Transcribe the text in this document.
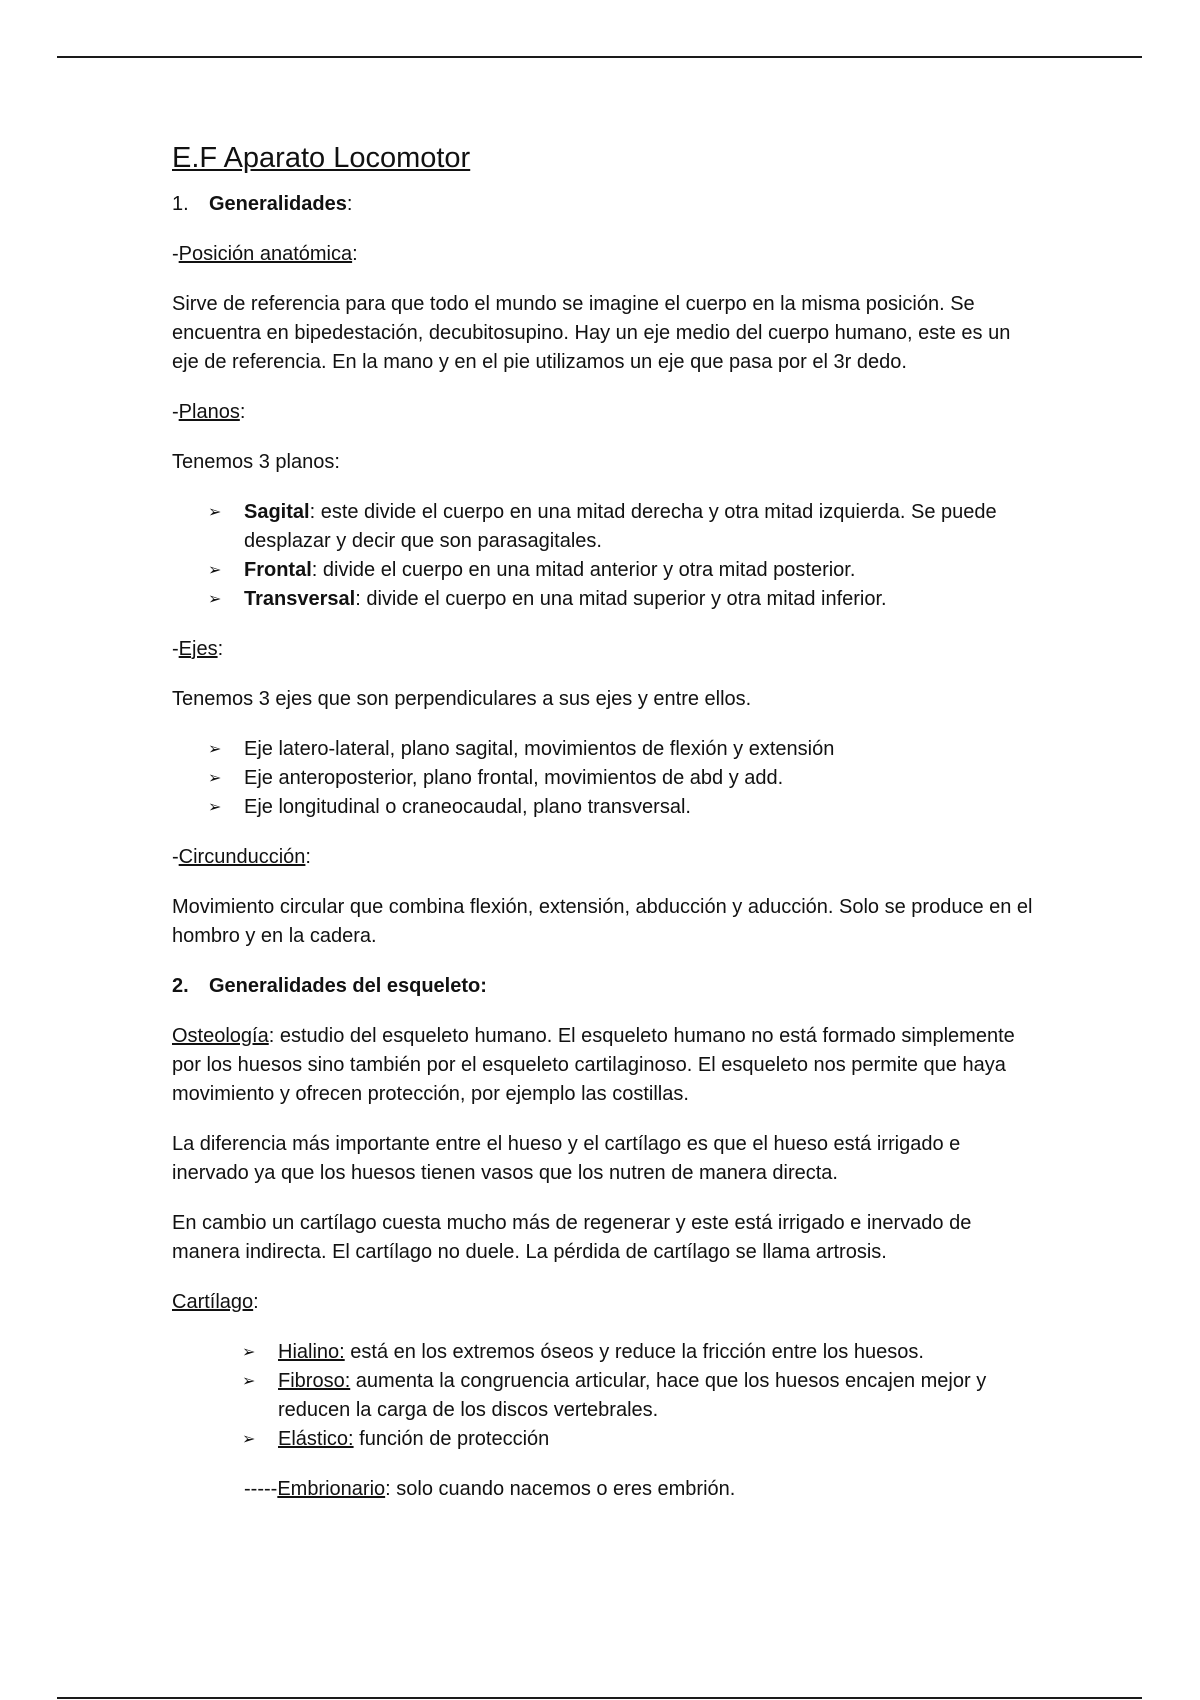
E.F Aparato Locomotor
1. Generalidades:

-Posición anatómica:

Sirve de referencia para que todo el mundo se imagine el cuerpo en la misma posición. Se encuentra en bipedestación, decubitosupino. Hay un eje medio del cuerpo humano, este es un eje de referencia. En la mano y en el pie utilizamos un eje que pasa por el 3r dedo.

-Planos:

Tenemos 3 planos:

➢ Sagital: este divide el cuerpo en una mitad derecha y otra mitad izquierda. Se puede desplazar y decir que son parasagitales.
➢ Frontal: divide el cuerpo en una mitad anterior y otra mitad posterior.
➢ Transversal: divide el cuerpo en una mitad superior y otra mitad inferior.

-Ejes:

Tenemos 3 ejes que son perpendiculares a sus ejes y entre ellos.

➢ Eje latero-lateral, plano sagital, movimientos de flexión y extensión
➢ Eje anteroposterior, plano frontal, movimientos de abd y add.
➢ Eje longitudinal o craneocaudal, plano transversal.

-Circunducción:

Movimiento circular que combina flexión, extensión, abducción y aducción. Solo se produce en el hombro y en la cadera.

2. Generalidades del esqueleto:

Osteología: estudio del esqueleto humano. El esqueleto humano no está formado simplemente por los huesos sino también por el esqueleto cartilaginoso. El esqueleto nos permite que haya movimiento y ofrecen protección, por ejemplo las costillas.

La diferencia más importante entre el hueso y el cartílago es que el hueso está irrigado e inervado ya que los huesos tienen vasos que los nutren de manera directa.

En cambio un cartílago cuesta mucho más de regenerar y este está irrigado e inervado de manera indirecta. El cartílago no duele. La pérdida de cartílago se llama artrosis.

Cartílago:

➢ Hialino: está en los extremos óseos y reduce la fricción entre los huesos.
➢ Fibroso: aumenta la congruencia articular, hace que los huesos encajen mejor y reducen la carga de los discos vertebrales.
➢ Elástico: función de protección

-----Embrionario: solo cuando nacemos o eres embrión.
